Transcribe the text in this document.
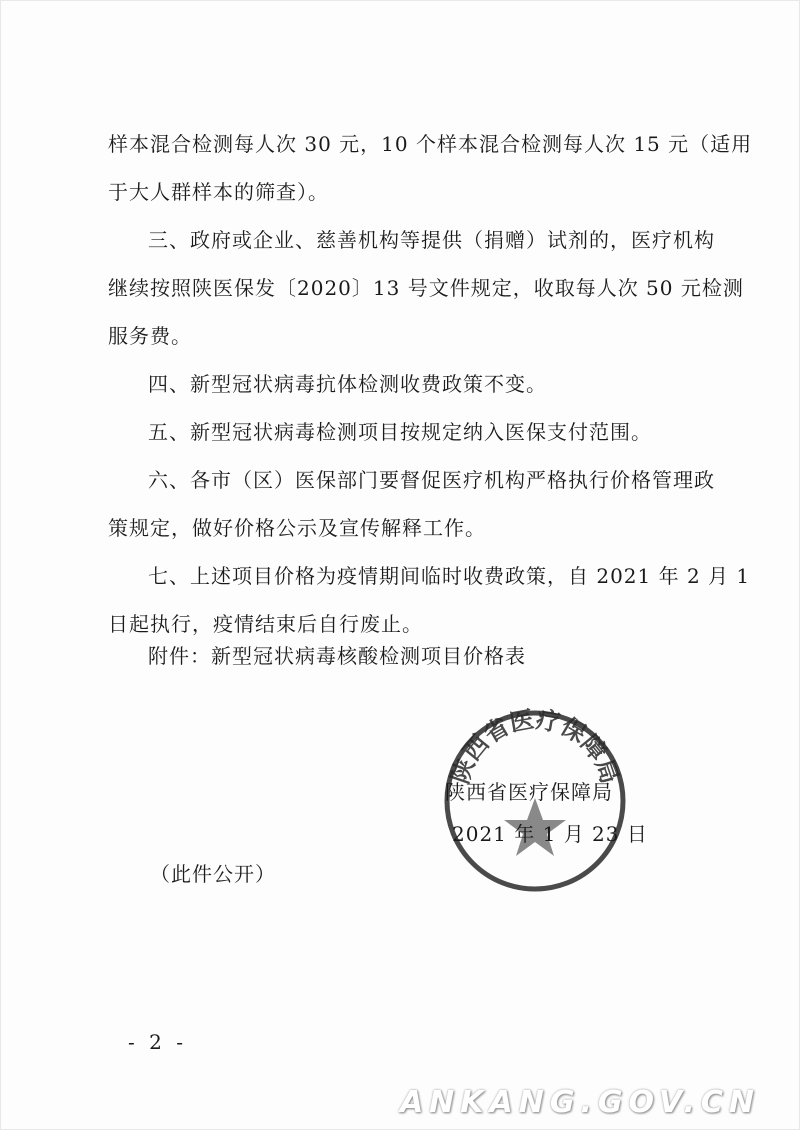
样本混合检测每人次 30 元，10 个样本混合检测每人次 15 元（适用
于大人群样本的筛查）。
三、政府或企业、慈善机构等提供（捐赠）试剂的，医疗机构
继续按照陕医保发〔2020〕13 号文件规定，收取每人次 50 元检测
服务费。
四、新型冠状病毒抗体检测收费政策不变。
五、新型冠状病毒检测项目按规定纳入医保支付范围。
六、各市（区）医保部门要督促医疗机构严格执行价格管理政
策规定，做好价格公示及宣传解释工作。
七、上述项目价格为疫情期间临时收费政策，自 2021 年 2 月 1
日起执行，疫情结束后自行废止。
附件：新型冠状病毒核酸检测项目价格表
陕西省医疗保障局
陕西省医疗保障局
2021 年 1 月 23 日
（此件公开）
- 2 -
ANKANG.GOV.CN
